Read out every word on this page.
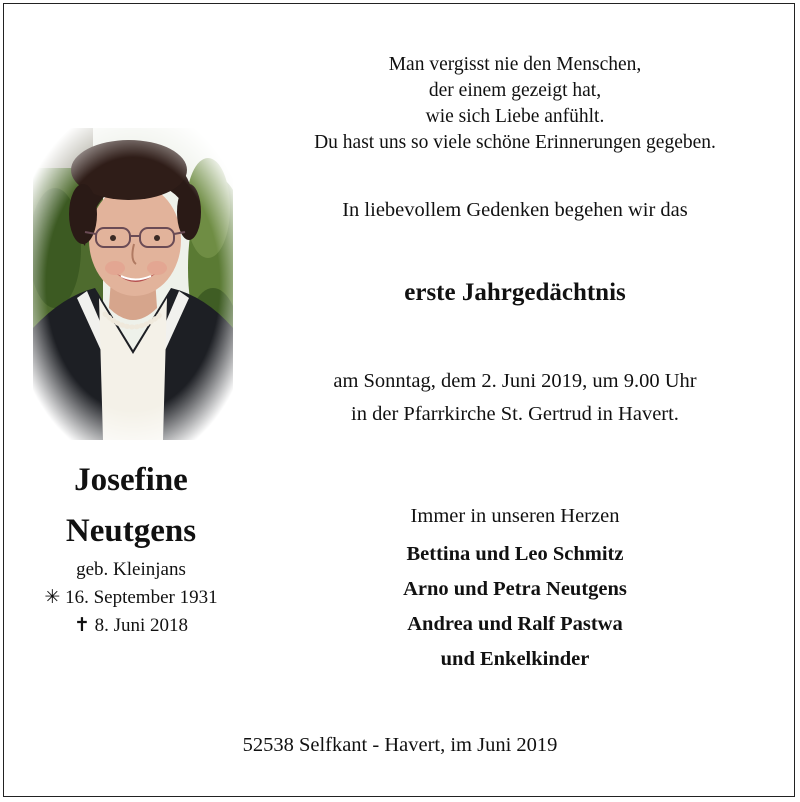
Josefine
Neutgens
geb. Kleinjans
✳ 16. September 1931
✝ 8. Juni 2018
Man vergisst nie den Menschen,
der einem gezeigt hat,
wie sich Liebe anfühlt.
Du hast uns so viele schöne Erinnerungen gegeben.
In liebevollem Gedenken begehen wir das
erste Jahrgedächtnis
am Sonntag, dem 2. Juni 2019, um 9.00 Uhr
in der Pfarrkirche St. Gertrud in Havert.
Immer in unseren Herzen
Bettina und Leo Schmitz
Arno und Petra Neutgens
Andrea und Ralf Pastwa
und Enkelkinder
52538 Selfkant - Havert, im Juni 2019
